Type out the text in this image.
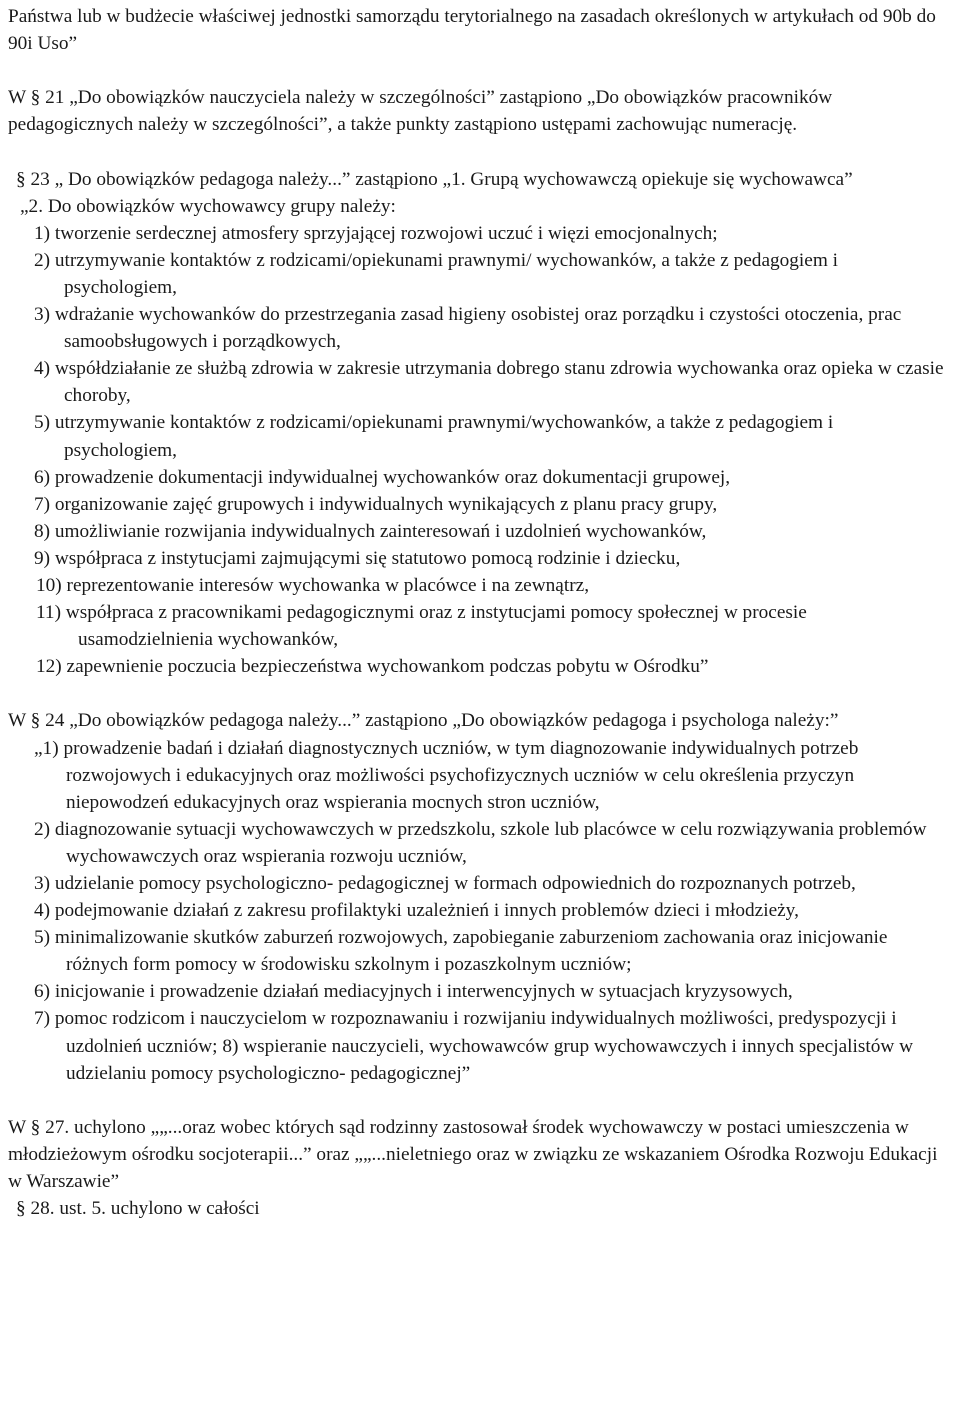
Państwa lub w budżecie właściwej jednostki samorządu terytorialnego na zasadach określonych w artykułach od 90b do 90i Uso”

W § 21 „Do obowiązków nauczyciela należy w szczególności” zastąpiono „Do obowiązków pracowników pedagogicznych należy w szczególności”, a także punkty zastąpiono ustępami zachowując numerację.

§ 23 „ Do obowiązków pedagoga należy...” zastąpiono „1. Grupą wychowawczą opiekuje się wychowawca”

„2. Do obowiązków wychowawcy grupy należy:

1) tworzenie serdecznej atmosfery sprzyjającej rozwojowi uczuć i więzi emocjonalnych;

2) utrzymywanie kontaktów z rodzicami/opiekunami prawnymi/ wychowanków, a także z pedagogiem i psychologiem,

3) wdrażanie wychowanków do przestrzegania zasad higieny osobistej oraz porządku i czystości otoczenia, prac samoobsługowych i porządkowych,

4) współdziałanie ze służbą zdrowia w zakresie utrzymania dobrego stanu zdrowia wychowanka oraz opieka w czasie choroby,

5) utrzymywanie kontaktów z rodzicami/opiekunami prawnymi/wychowanków, a także z pedagogiem i psychologiem,

6) prowadzenie dokumentacji indywidualnej wychowanków oraz dokumentacji grupowej,

7) organizowanie zajęć grupowych i indywidualnych wynikających z planu pracy grupy,

8) umożliwianie rozwijania indywidualnych zainteresowań i uzdolnień wychowanków,

9) współpraca z instytucjami zajmującymi się statutowo pomocą rodzinie i dziecku,

10) reprezentowanie interesów wychowanka w placówce i na zewnątrz,

11) współpraca z pracownikami pedagogicznymi oraz z instytucjami pomocy społecznej w procesie usamodzielnienia wychowanków,

12) zapewnienie poczucia bezpieczeństwa wychowankom podczas pobytu w Ośrodku”

W § 24 „Do obowiązków pedagoga należy...” zastąpiono „Do obowiązków pedagoga i psychologa należy:”

„1) prowadzenie badań i działań diagnostycznych uczniów, w tym diagnozowanie indywidualnych potrzeb rozwojowych i edukacyjnych oraz możliwości psychofizycznych uczniów w celu określenia przyczyn niepowodzeń edukacyjnych oraz wspierania mocnych stron uczniów,

2) diagnozowanie sytuacji wychowawczych w przedszkolu, szkole lub placówce w celu rozwiązywania problemów wychowawczych oraz wspierania rozwoju uczniów,

3) udzielanie pomocy psychologiczno- pedagogicznej w formach odpowiednich do rozpoznanych potrzeb,

4) podejmowanie działań z zakresu profilaktyki uzależnień i innych problemów dzieci i młodzieży,

5) minimalizowanie skutków zaburzeń rozwojowych, zapobieganie zaburzeniom zachowania oraz inicjowanie różnych form pomocy w środowisku szkolnym i pozaszkolnym uczniów;

6) inicjowanie i prowadzenie działań mediacyjnych i interwencyjnych w sytuacjach kryzysowych,

7) pomoc rodzicom i nauczycielom w rozpoznawaniu i rozwijaniu indywidualnych możliwości, predyspozycji i uzdolnień uczniów; 8) wspieranie nauczycieli, wychowawców grup wychowawczych i innych specjalistów w udzielaniu pomocy psychologiczno- pedagogicznej”

W § 27. uchylono „„...oraz wobec których sąd rodzinny zastosował środek wychowawczy w postaci umieszczenia w młodzieżowym ośrodku socjoterapii...” oraz „„...nieletniego oraz w związku ze wskazaniem Ośrodka Rozwoju Edukacji w Warszawie”

§ 28. ust. 5. uchylono w całości
